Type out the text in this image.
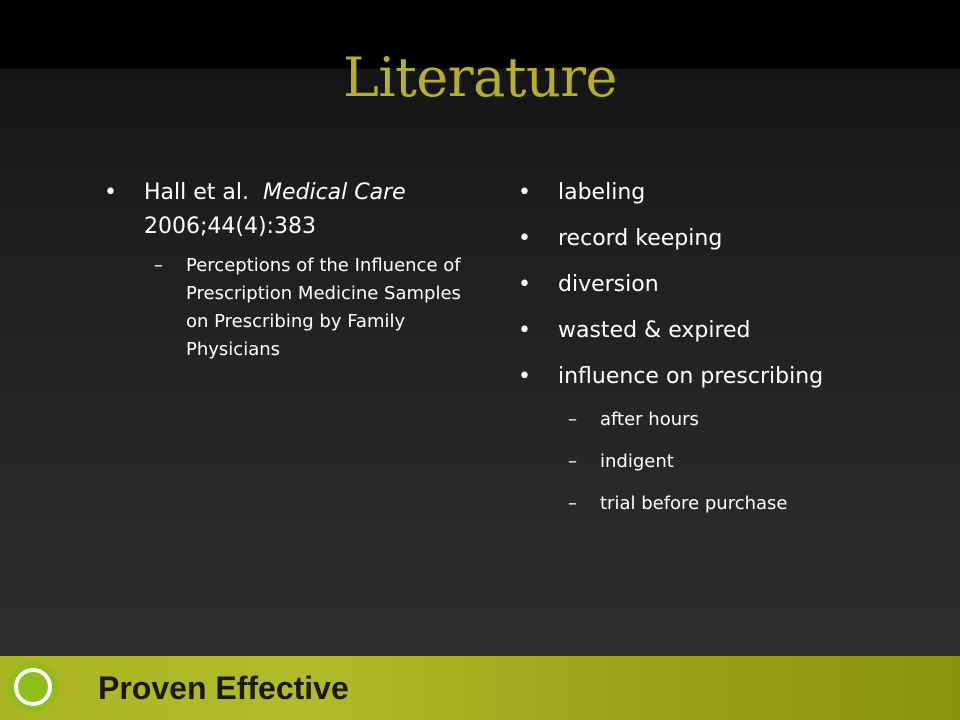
Literature
•	Hall et al. Medical Care
2006;44(4):383
– Perceptions of the Influence of Prescription Medicine Samples on Prescribing by Family Physicians
•	labeling
•	record keeping
•	diversion
•	wasted & expired
•	influence on prescribing
– after hours
– indigent
– trial before purchase
Proven Effective
